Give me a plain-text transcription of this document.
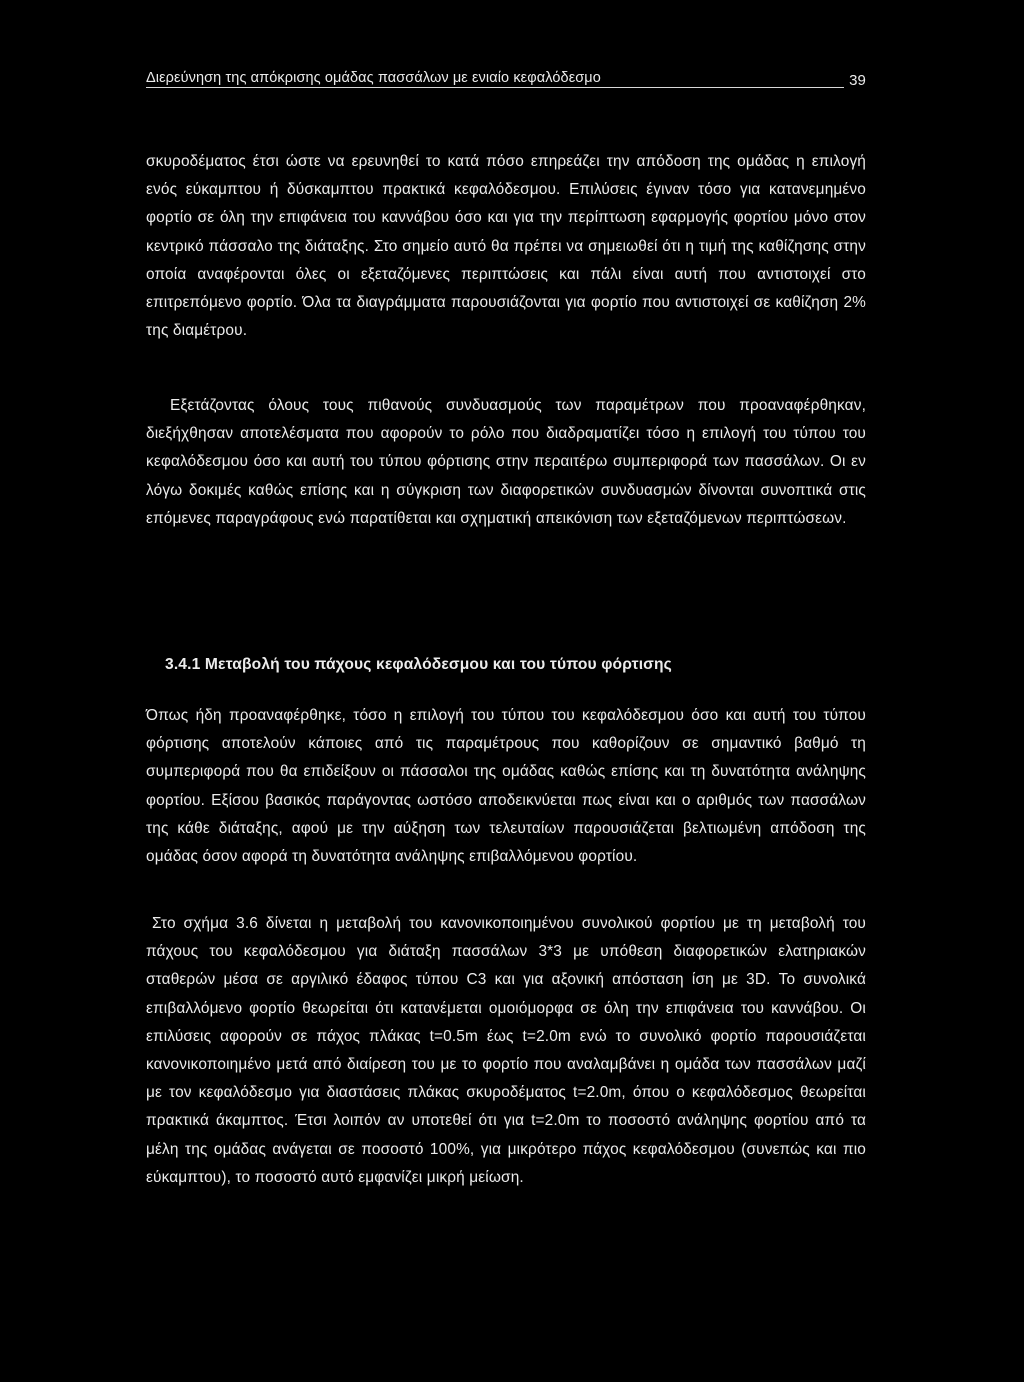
Διερεύνηση της απόκρισης ομάδας πασσάλων με ενιαίο κεφαλόδεσμο	39

σκυροδέματος έτσι ώστε να ερευνηθεί το κατά πόσο επηρεάζει την απόδοση της ομάδας η επιλογή ενός εύκαμπτου ή δύσκαμπτου πρακτικά κεφαλόδεσμου. Επιλύσεις έγιναν τόσο για κατανεμημένο φορτίο σε όλη την επιφάνεια του καννάβου όσο και για την περίπτωση εφαρμογής φορτίου μόνο στον κεντρικό πάσσαλο της διάταξης. Στο σημείο αυτό θα πρέπει να σημειωθεί ότι η τιμή της καθίζησης στην οποία αναφέρονται όλες οι εξεταζόμενες περιπτώσεις και πάλι είναι αυτή που αντιστοιχεί στο επιτρεπόμενο φορτίο. Όλα τα διαγράμματα παρουσιάζονται για φορτίο που αντιστοιχεί σε καθίζηση 2% της διαμέτρου.

Εξετάζοντας όλους τους πιθανούς συνδυασμούς των παραμέτρων που προαναφέρθηκαν, διεξήχθησαν αποτελέσματα που αφορούν το ρόλο που διαδραματίζει τόσο η επιλογή του τύπου του κεφαλόδεσμου όσο και αυτή του τύπου φόρτισης στην περαιτέρω συμπεριφορά των πασσάλων. Οι εν λόγω δοκιμές καθώς επίσης και η σύγκριση των διαφορετικών συνδυασμών δίνονται συνοπτικά στις επόμενες παραγράφους ενώ παρατίθεται και σχηματική απεικόνιση των εξεταζόμενων περιπτώσεων.

3.4.1 Μεταβολή του πάχους κεφαλόδεσμου και του τύπου φόρτισης

Όπως ήδη προαναφέρθηκε, τόσο η επιλογή του τύπου του κεφαλόδεσμου όσο και αυτή του τύπου φόρτισης αποτελούν κάποιες από τις παραμέτρους που καθορίζουν σε σημαντικό βαθμό τη συμπεριφορά που θα επιδείξουν οι πάσσαλοι της ομάδας καθώς επίσης και τη δυνατότητα ανάληψης φορτίου. Εξίσου βασικός παράγοντας ωστόσο αποδεικνύεται πως είναι και ο αριθμός των πασσάλων της κάθε διάταξης, αφού με την αύξηση των τελευταίων παρουσιάζεται βελτιωμένη απόδοση της ομάδας όσον αφορά τη δυνατότητα ανάληψης επιβαλλόμενου φορτίου.

Στο σχήμα 3.6 δίνεται η μεταβολή του κανονικοποιημένου συνολικού φορτίου με τη μεταβολή του πάχους του κεφαλόδεσμου για διάταξη πασσάλων 3*3 με υπόθεση διαφορετικών ελατηριακών σταθερών μέσα σε αργιλικό έδαφος τύπου C3 και για αξονική απόσταση ίση με 3D. Το συνολικά επιβαλλόμενο φορτίο θεωρείται ότι κατανέμεται ομοιόμορφα σε όλη την επιφάνεια του καννάβου. Οι επιλύσεις αφορούν σε πάχος πλάκας t=0.5m έως t=2.0m ενώ το συνολικό φορτίο παρουσιάζεται κανονικοποιημένο μετά από διαίρεση του με το φορτίο που αναλαμβάνει η ομάδα των πασσάλων μαζί με τον κεφαλόδεσμο για διαστάσεις πλάκας σκυροδέματος t=2.0m, όπου ο κεφαλόδεσμος θεωρείται πρακτικά άκαμπτος. Έτσι λοιπόν αν υποτεθεί ότι για t=2.0m το ποσοστό ανάληψης φορτίου από τα μέλη της ομάδας ανάγεται σε ποσοστό 100%, για μικρότερο πάχος κεφαλόδεσμου (συνεπώς και πιο εύκαμπτου), το ποσοστό αυτό εμφανίζει μικρή μείωση.
